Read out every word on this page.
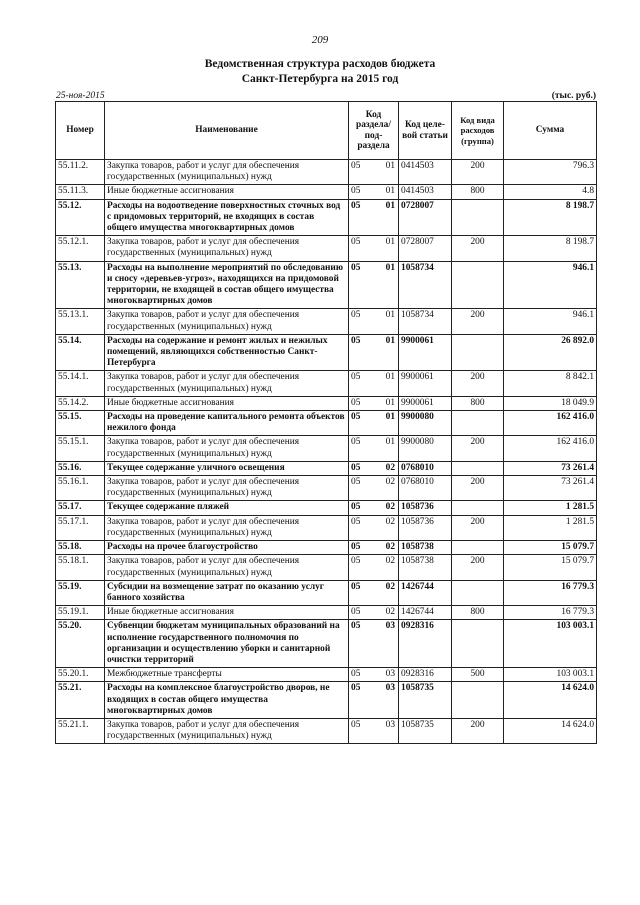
209
Ведомственная структура расходов бюджета
Санкт-Петербурга на 2015 год
25-ноя-2015	(тыс. руб.)
Номер	Наименование	Код раздела/ под- раздела	Код целе- вой статьи	Код вида расходов (группа)	Сумма
55.11.2.	Закупка товаров, работ и услуг для обеспечения государственных (муниципальных) нужд	05 01	0414503	200	796.3
55.11.3.	Иные бюджетные ассигнования	05 01	0414503	800	4.8
55.12.	Расходы на водоотведение поверхностных сточных вод с придомовых территорий, не входящих в состав общего имущества многоквартирных домов	05 01	0728007		8 198.7
55.12.1.	Закупка товаров, работ и услуг для обеспечения государственных (муниципальных) нужд	05 01	0728007	200	8 198.7
55.13.	Расходы на выполнение мероприятий по обследованию и сносу «деревьев-угроз», находящихся на придомовой территории, не входящей в состав общего имущества многоквартирных домов	05 01	1058734		946.1
55.13.1.	Закупка товаров, работ и услуг для обеспечения государственных (муниципальных) нужд	05 01	1058734	200	946.1
55.14.	Расходы на содержание и ремонт жилых и нежилых помещений, являющихся собственностью Санкт-Петербурга	05 01	9900061		26 892.0
55.14.1.	Закупка товаров, работ и услуг для обеспечения государственных (муниципальных) нужд	05 01	9900061	200	8 842.1
55.14.2.	Иные бюджетные ассигнования	05 01	9900061	800	18 049.9
55.15.	Расходы на проведение капитального ремонта объектов нежилого фонда	05 01	9900080		162 416.0
55.15.1.	Закупка товаров, работ и услуг для обеспечения государственных (муниципальных) нужд	05 01	9900080	200	162 416.0
55.16.	Текущее содержание уличного освещения	05 02	0768010		73 261.4
55.16.1.	Закупка товаров, работ и услуг для обеспечения государственных (муниципальных) нужд	05 02	0768010	200	73 261.4
55.17.	Текущее содержание пляжей	05 02	1058736		1 281.5
55.17.1.	Закупка товаров, работ и услуг для обеспечения государственных (муниципальных) нужд	05 02	1058736	200	1 281.5
55.18.	Расходы на прочее благоустройство	05 02	1058738		15 079.7
55.18.1.	Закупка товаров, работ и услуг для обеспечения государственных (муниципальных) нужд	05 02	1058738	200	15 079.7
55.19.	Субсидии на возмещение затрат по оказанию услуг банного хозяйства	05 02	1426744		16 779.3
55.19.1.	Иные бюджетные ассигнования	05 02	1426744	800	16 779.3
55.20.	Субвенции бюджетам муниципальных образований на исполнение государственного полномочия по организации и осуществлению уборки и санитарной очистки территорий	05 03	0928316		103 003.1
55.20.1.	Межбюджетные трансферты	05 03	0928316	500	103 003.1
55.21.	Расходы на комплексное благоустройство дворов, не входящих в состав общего имущества многоквартирных домов	05 03	1058735		14 624.0
55.21.1.	Закупка товаров, работ и услуг для обеспечения государственных (муниципальных) нужд	05 03	1058735	200	14 624.0
